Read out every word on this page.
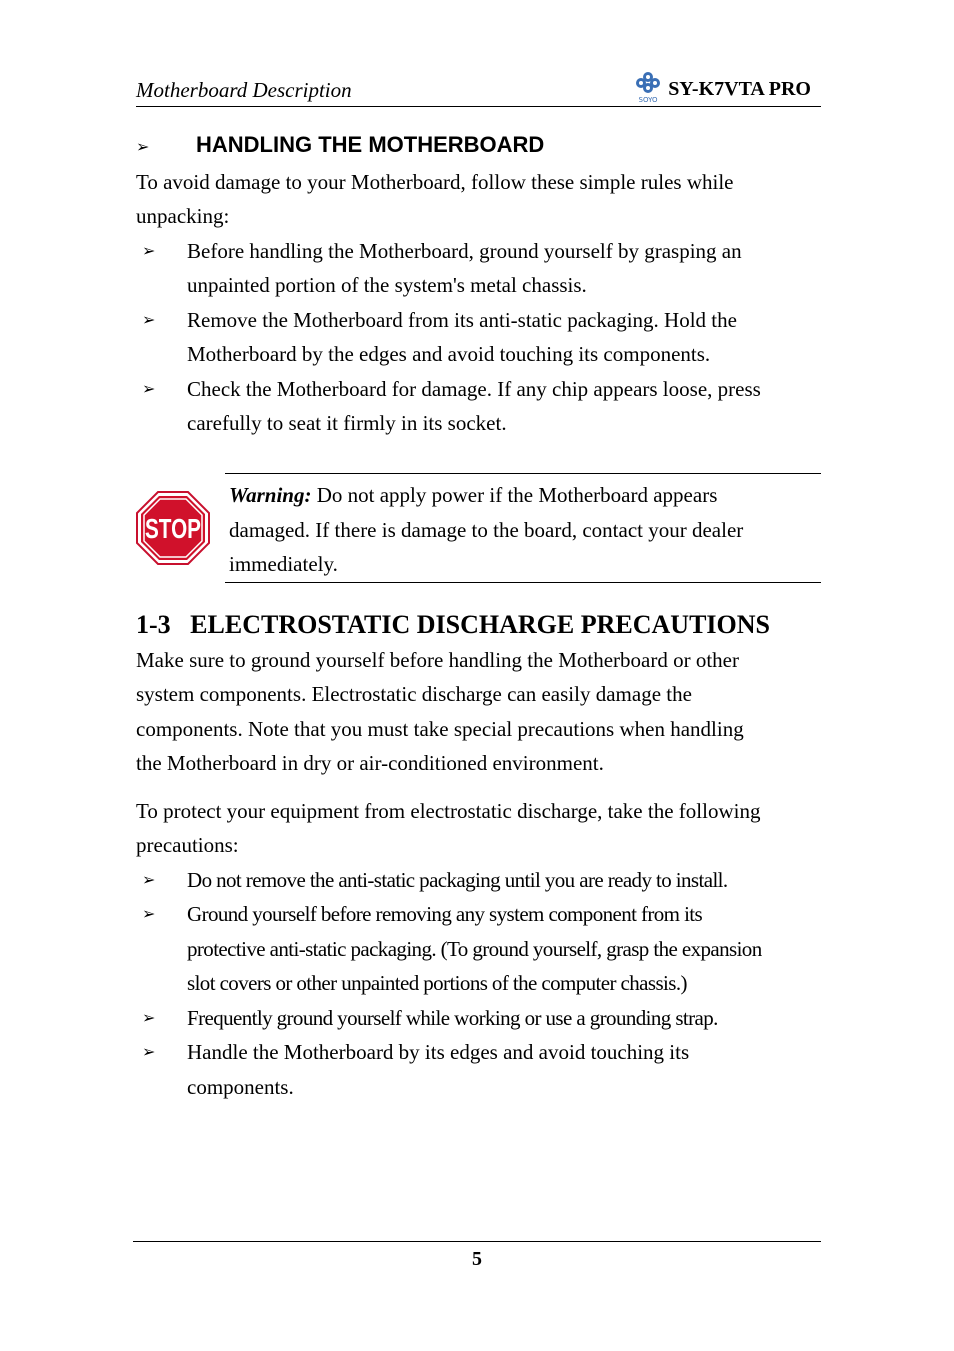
Motherboard Description	SOYO SY-K7VTA PRO
➢ HANDLING THE MOTHERBOARD
To avoid damage to your Motherboard, follow these simple rules while
unpacking:
➢ Before handling the Motherboard, ground yourself by grasping an
unpainted portion of the system's metal chassis.
➢ Remove the Motherboard from its anti-static packaging. Hold the
Motherboard by the edges and avoid touching its components.
➢ Check the Motherboard for damage. If any chip appears loose, press
carefully to seat it firmly in its socket.
STOP
Warning: Do not apply power if the Motherboard appears
damaged. If there is damage to the board, contact your dealer
immediately.
1-3 ELECTROSTATIC DISCHARGE PRECAUTIONS
Make sure to ground yourself before handling the Motherboard or other
system components. Electrostatic discharge can easily damage the
components. Note that you must take special precautions when handling
the Motherboard in dry or air-conditioned environment.
To protect your equipment from electrostatic discharge, take the following
precautions:
➢ Do not remove the anti-static packaging until you are ready to install.
➢ Ground yourself before removing any system component from its
protective anti-static packaging. (To ground yourself, grasp the expansion
slot covers or other unpainted portions of the computer chassis.)
➢ Frequently ground yourself while working or use a grounding strap.
➢ Handle the Motherboard by its edges and avoid touching its
components.
5
